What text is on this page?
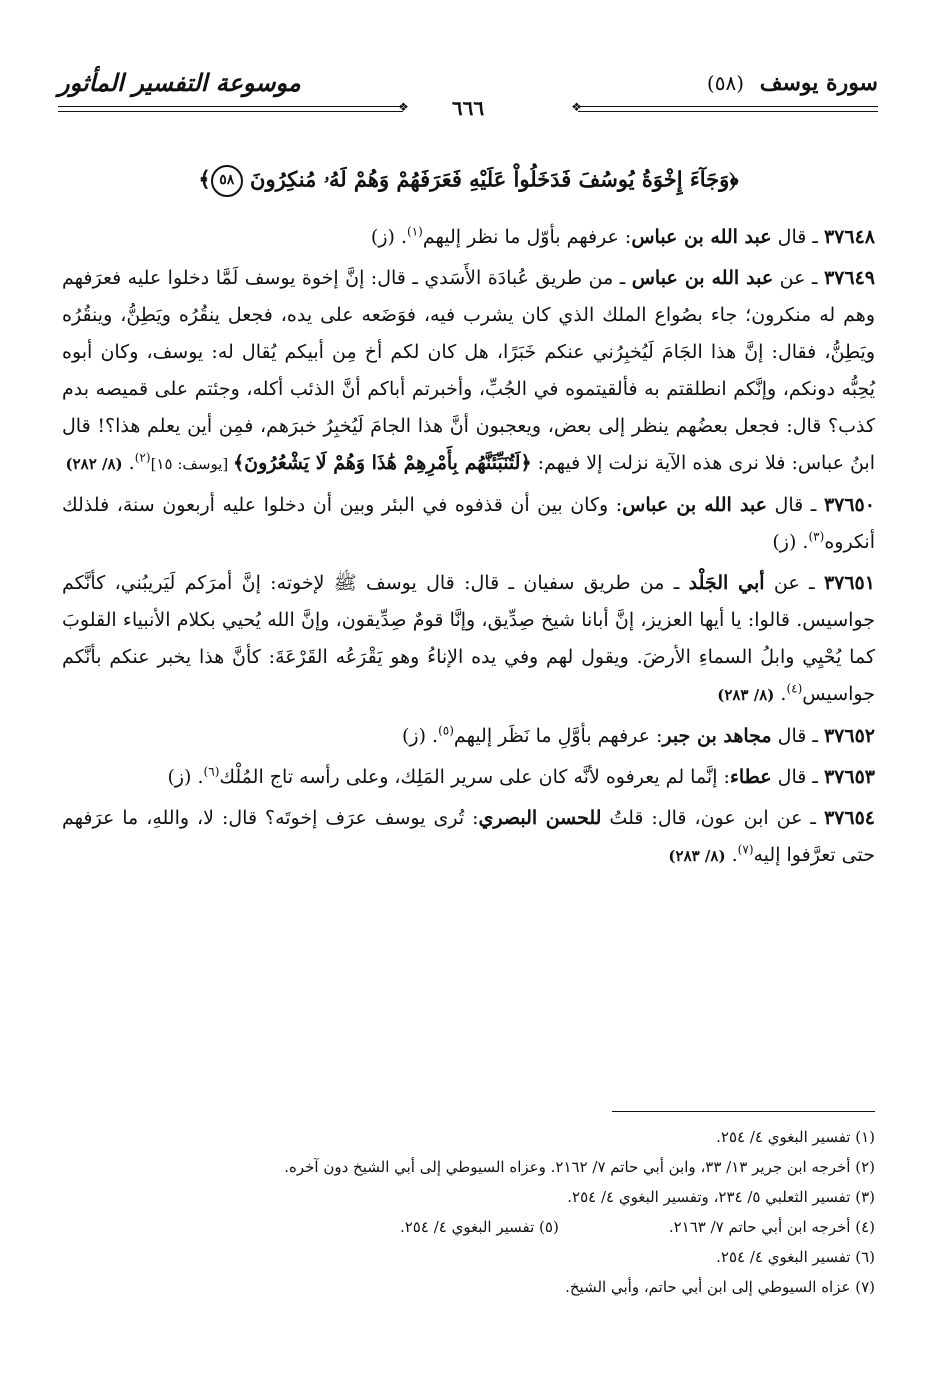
سورة يوسف (٥٨)
❖
٦٦٦
❖
موسوعة التفسير المأثور
﴿وَجَآءَ إِخْوَةُ يُوسُفَ فَدَخَلُواْ عَلَيْهِ فَعَرَفَهُمْ وَهُمْ لَهُۥ مُنكِرُونَ ٥٨﴾

٣٧٦٤٨ ـ قال عبد الله بن عباس: عرفهم بأوّل ما نظر إليهم$^{(١)}$. (ز)

٣٧٦٤٩ ـ عن عبد الله بن عباس ـ من طريق عُبادَة الأَسَدي ـ قال: إنَّ إخوة يوسف لَمَّا دخلوا عليه فعرَفهم وهم له منكرون؛ جاء بصُواع الملك الذي كان يشرب فيه، فوَضَعه على يده، فجعل ينقُرُه ويَطِنُّ، وينقُرُه ويَطِنُّ، فقال: إنَّ هذا الجَامَ لَيُخبِرُني عنكم خَبَرًا، هل كان لكم أخ مِن أبيكم يُقال له: يوسف، وكان أبوه يُحِبُّه دونكم، وإنَّكم انطلقتم به فألقيتموه في الجُبِّ، وأخبرتم أباكم أنَّ الذئب أكله، وجئتم على قميصه بدم كذب؟ قال: فجعل بعضُهم ينظر إلى بعض، ويعجبون أنَّ هذا الجامَ لَيُخبِرُ خبرَهم، فمِن أين يعلم هذا؟! قال ابنُ عباس: فلا نرى هذه الآية نزلت إلا فيهم: ﴿لَتُنَبِّئَنَّهُم بِأَمْرِهِمْ هَٰذَا وَهُمْ لَا يَشْعُرُونَ﴾ [يوسف: ١٥]$^{(٢)}$. (٨/ ٢٨٢)

٣٧٦٥٠ ـ قال عبد الله بن عباس: وكان بين أن قذفوه في البئر وبين أن دخلوا عليه أربعون سنة، فلذلك أنكروه$^{(٣)}$. (ز)

٣٧٦٥١ ـ عن أبي الجَلْد ـ من طريق سفيان ـ قال: قال يوسف ﷺ لإخوته: إنَّ أمرَكم لَيَريبُني، كأنَّكم جواسيس. قالوا: يا أيها العزيز، إنَّ أبانا شيخ صِدِّيق، وإنَّا قومٌ صِدِّيقون، وإنَّ الله يُحيي بكلام الأنبياء القلوبَ كما يُحْيِي وابلُ السماءِ الأرضَ. ويقول لهم وفي يده الإناءُ وهو يَقْرَعُه القَرْعَةَ: كأنَّ هذا يخبر عنكم بأنَّكم جواسيس$^{(٤)}$. (٨/ ٢٨٣)

٣٧٦٥٢ ـ قال مجاهد بن جبر: عرفهم بأوَّلِ ما نَظَر إليهم$^{(٥)}$. (ز)

٣٧٦٥٣ ـ قال عطاء: إنَّما لم يعرفوه لأنَّه كان على سرير المَلِك، وعلى رأسه تاج المُلْك$^{(٦)}$. (ز)

٣٧٦٥٤ ـ عن ابن عون، قال: قلتُ للحسن البصري: تُرى يوسف عرَف إخوتَه؟ قال: لا، واللهِ، ما عرَفهم حتى تعرَّفوا إليه$^{(٧)}$. (٨/ ٢٨٣)

(١) تفسير البغوي ٤/ ٢٥٤.
(٢) أخرجه ابن جرير ١٣/ ٣٣، وابن أبي حاتم ٧/ ٢١٦٢. وعزاه السيوطي إلى أبي الشيخ دون آخره.
(٣) تفسير الثعلبي ٥/ ٢٣٤، وتفسير البغوي ٤/ ٢٥٤.
(٤) أخرجه ابن أبي حاتم ٧/ ٢١٦٣.(٥) تفسير البغوي ٤/ ٢٥٤.
(٦) تفسير البغوي ٤/ ٢٥٤.
(٧) عزاه السيوطي إلى ابن أبي حاتم، وأبي الشيخ.
